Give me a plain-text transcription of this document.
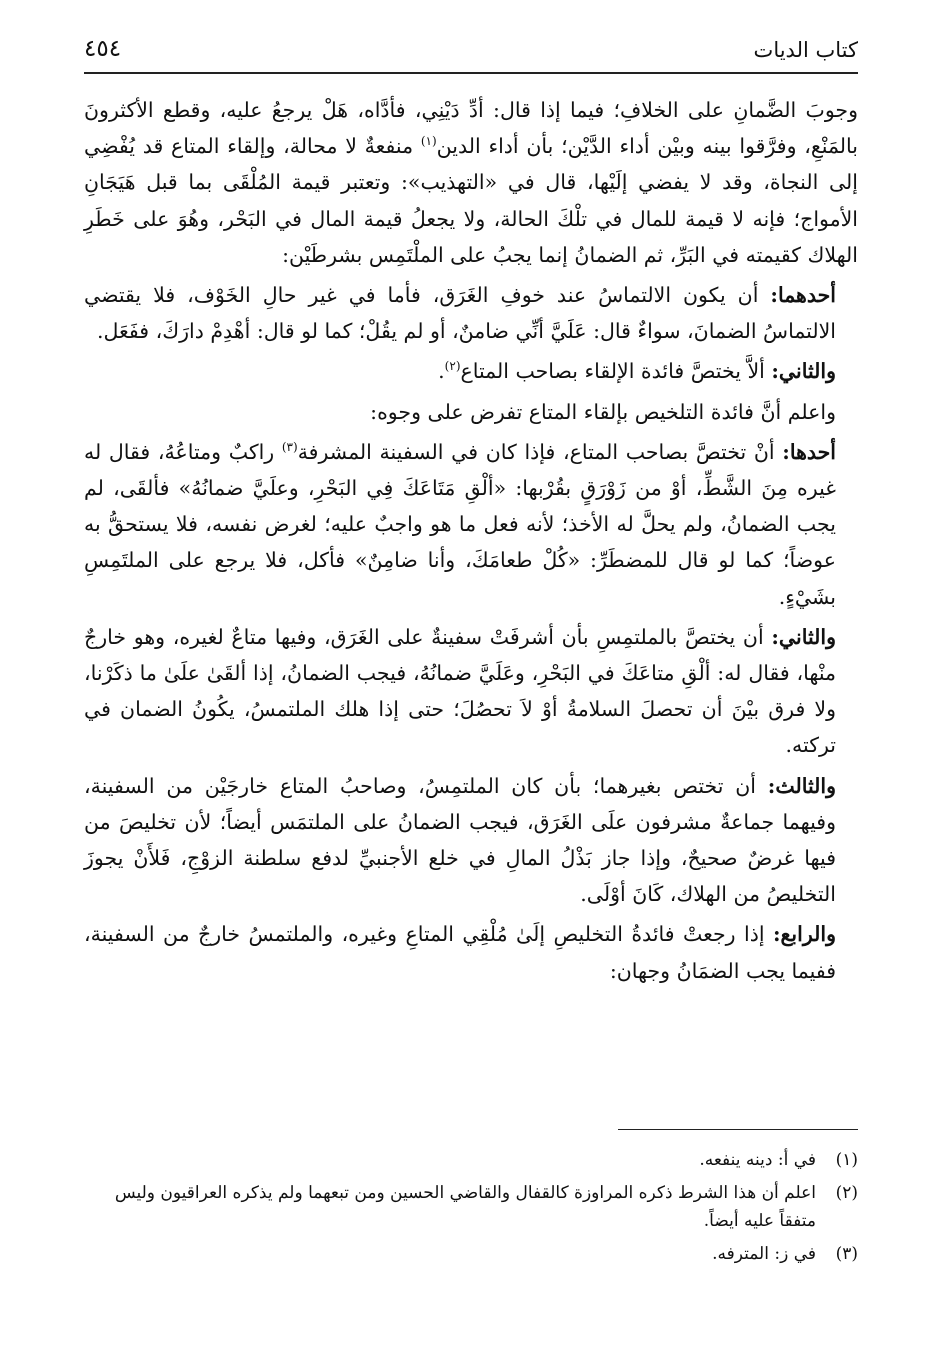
كتاب الديات
٤٥٤

وجوبَ الضَّمانِ على الخلافِ؛ فيما إذا قال: أدِّ دَيْنِي، فأدَّاه، هَلْ يرجعُ عليه، وقطع الأكثرونَ بالمَنْعِ، وفرَّقوا بينه وبيْن أداء الدَّيْن؛ بأن أداء الدين$^{(١)}$ منفعةٌ لا محالة، وإلقاء المتاع قد يُفْضِي إلى النجاة، وقد لا يفضي إلَيْها، قال في «التهذيب»: وتعتبر قيمة المُلْقَى بما قبل هَيَجَانِ الأمواج؛ فإنه لا قيمة للمال في تلْكَ الحالة، ولا يجعلُ قيمة المال في البَحْر، وهُوَ على خَطَرِ الهلاك كقيمته في البَرِّ، ثم الضمانُ إنما يجبُ على الملْتَمِس بشرطَيْن:

أحدهما: أن يكون الالتماسُ عند خوفِ الغَرَق، فأما في غير حالِ الخَوْف، فلا يقتضي الالتماسُ الضمانَ، سواءٌ قال: عَلَيَّ أنِّي ضامنٌ، أو لم يقُلْ؛ كما لو قال: أهْدِمْ دارَكَ، ففَعَل.

والثاني: ألاَّ يختصَّ فائدة الإلقاء بصاحب المتاع$^{(٢)}$.

واعلم أنَّ فائدة التلخيص بإلقاء المتاع تفرض على وجوه:

أحدها: أنْ تختصَّ بصاحب المتاع، فإذا كان في السفينة المشرفة$^{(٣)}$ راكبٌ ومتاعُهُ، فقال له غيره مِنَ الشَّطِّ، أوْ من زَوْرَقٍ بقُرْبها: «ألْقِ مَتَاعَكَ فِي البَحْرِ، وعلَيَّ ضمانُهُ» فألقَى، لم يجب الضمانُ، ولم يحلَّ له الأخذ؛ لأنه فعل ما هو واجبٌ عليه؛ لغرض نفسه، فلا يستحقُّ به عوضاً؛ كما لو قال للمضطَرِّ: «كُلْ طعامَكَ، وأنا ضامِنٌ» فأكل، فلا يرجع على الملتَمِسِ بشَيْءٍ.

والثاني: أن يختصَّ بالملتمِسِ بأن أشرفَتْ سفينةٌ على الغَرَق، وفيها متاعٌ لغيره، وهو خارجٌ منْها، فقال له: ألْقِ متاعَكَ في البَحْرِ، وعَلَيَّ ضمانُهُ، فيجب الضمانُ، إذا ألقَىٰ علَىٰ ما ذكَرْنا، ولا فرق بيْنَ أن تحصلَ السلامةُ أوْ لاَ تحصُلَ؛ حتى إذا هلك الملتمسُ، يكُونُ الضمان في تركته.

والثالث: أن تختص بغيرهما؛ بأن كان الملتمِسُ، وصاحبُ المتاع خارجَيْن من السفينة، وفيهما جماعةٌ مشرفون علَى الغَرَق، فيجب الضمانُ على الملتمَس أيضاً؛ لأن تخليصَ من فيها غرضٌ صحيحٌ، وإذا جاز بَذْلُ المالِ في خلع الأجنبيِّ لدفع سلطنة الزوْجِ، فَلأَنْ يجوزَ التخليصُ من الهلاك، كَانَ أوْلَى.

والرابع: إذا رجعتْ فائدةُ التخليصِ إلَىٰ مُلْقِي المتاعِ وغيره، والملتمسُ خارجٌ من السفينة، ففيما يجب الضمَانُ وجهان:

(١)
في أ: دينه ينفعه.
(٢)
اعلم أن هذا الشرط ذكره المراوزة كالقفال والقاضي الحسين ومن تبعهما ولم يذكره العراقيون وليس متفقاً عليه أيضاً.
(٣)
في ز: المترفه.
